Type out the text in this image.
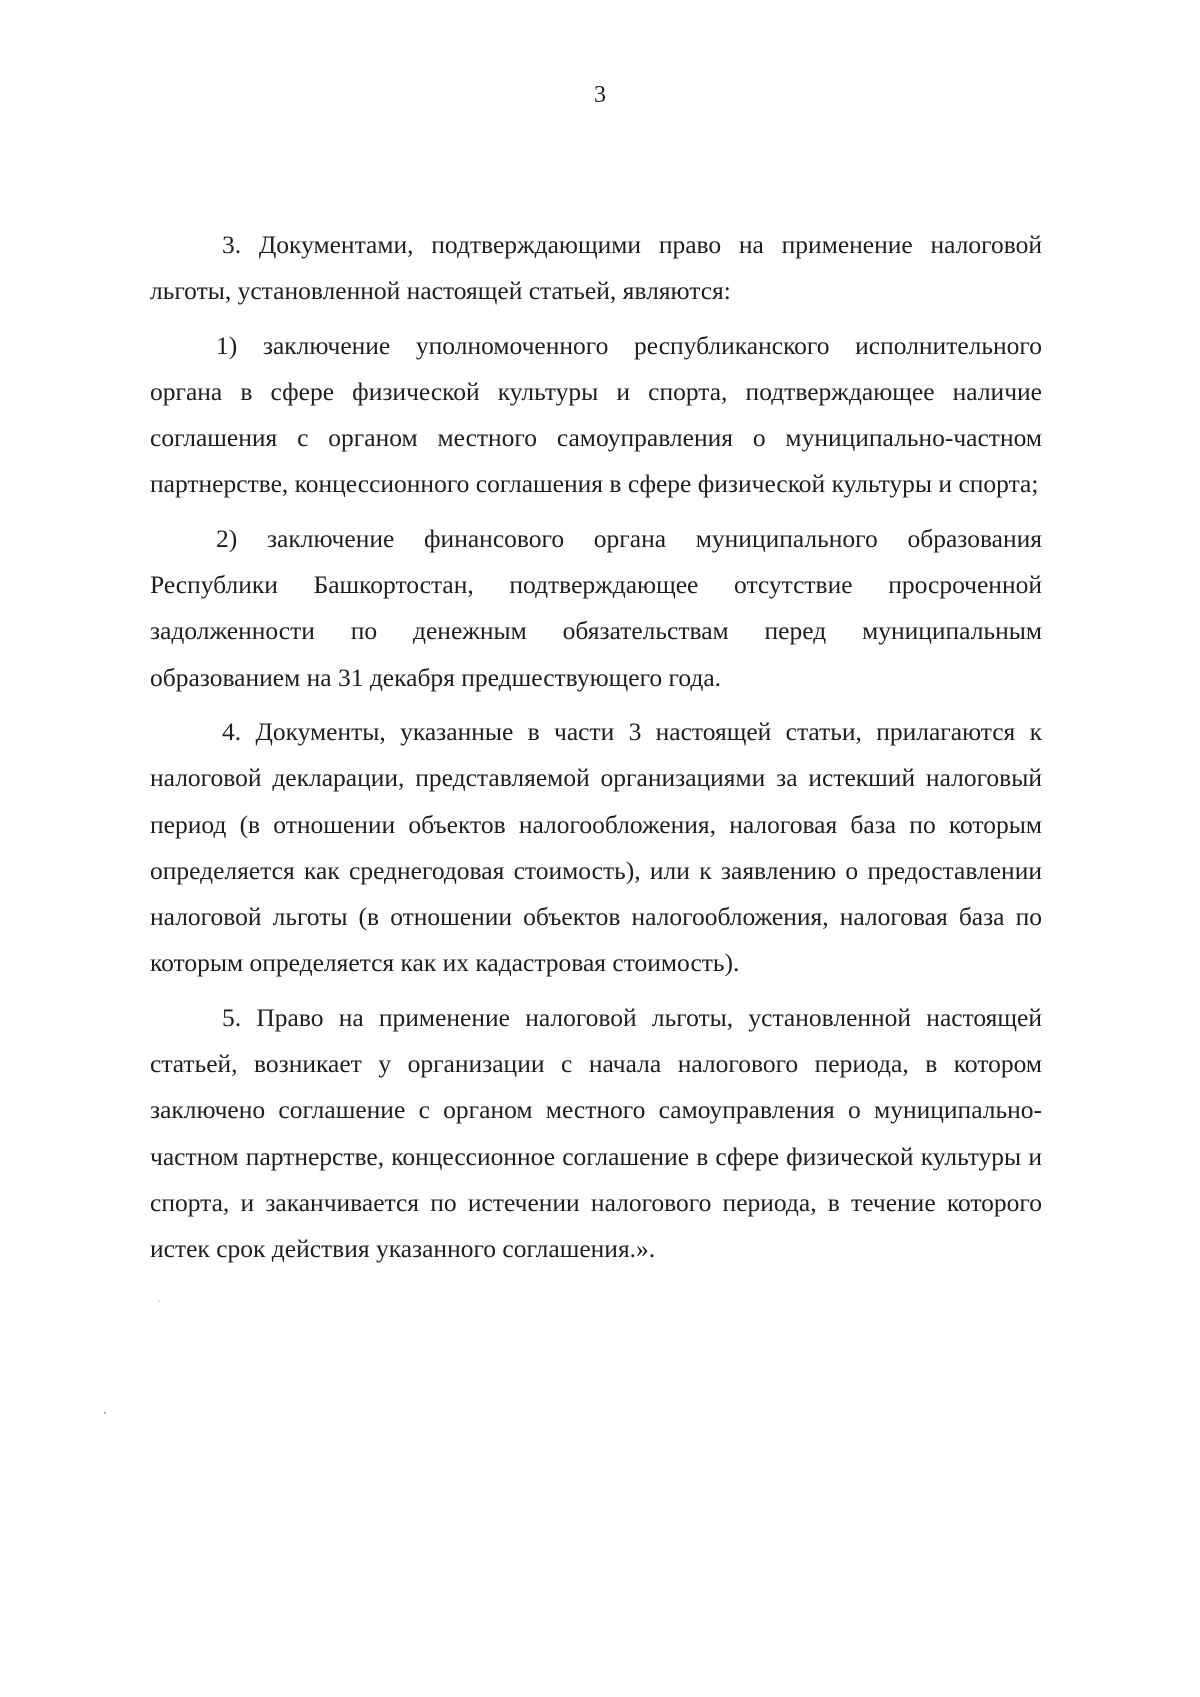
3

3. Документами, подтверждающими право на применение налоговой льготы, установленной настоящей статьей, являются:

1) заключение уполномоченного республиканского исполнительного органа в сфере физической культуры и спорта, подтверждающее наличие соглашения с органом местного самоуправления о муниципально-частном партнерстве, концессионного соглашения в сфере физической культуры и спорта;

2) заключение финансового органа муниципального образования Республики Башкортостан, подтверждающее отсутствие просроченной задолженности по денежным обязательствам перед муниципальным образованием на 31 декабря предшествующего года.

4. Документы, указанные в части 3 настоящей статьи, прилагаются к налоговой декларации, представляемой организациями за истекший налоговый период (в отношении объектов налогообложения, налоговая база по которым определяется как среднегодовая стоимость), или к заявлению о предоставлении налоговой льготы (в отношении объектов налогообложения, налоговая база по которым определяется как их кадастровая стоимость).

5. Право на применение налоговой льготы, установленной настоящей статьей, возникает у организации с начала налогового периода, в котором заключено соглашение с органом местного самоуправления о муниципально-частном партнерстве, концессионное соглашение в сфере физической культуры и спорта, и заканчивается по истечении налогового периода, в течение которого истек срок действия указанного соглашения.».
